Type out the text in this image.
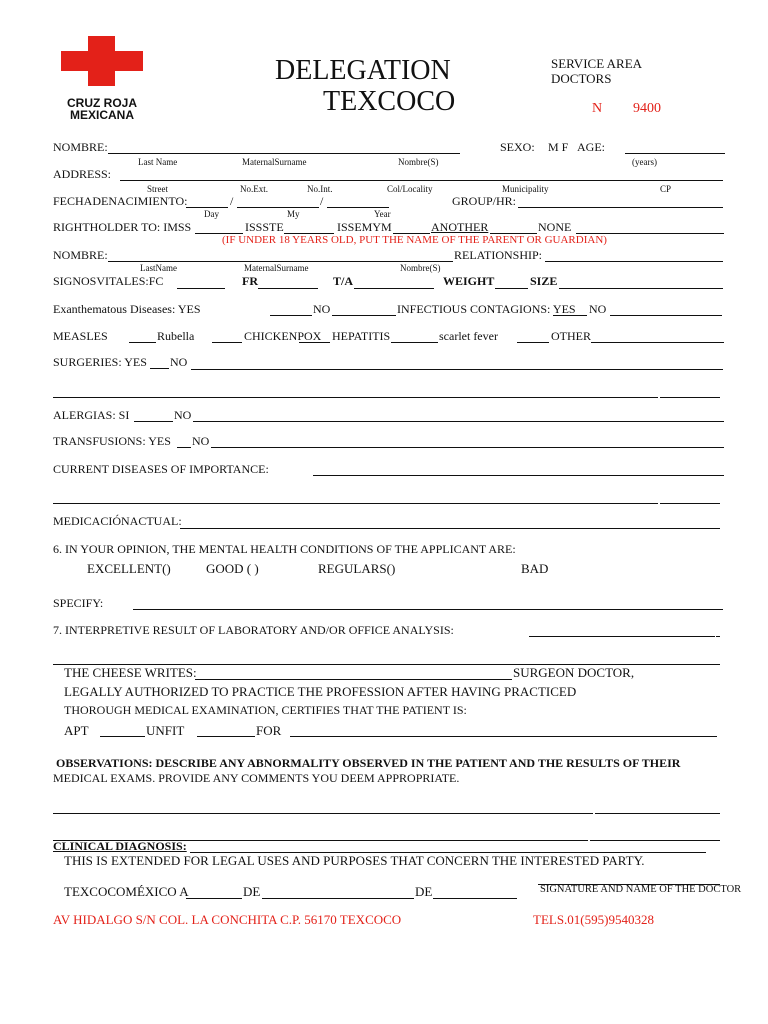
CRUZ ROJA
MEXICANA
DELEGATION
TEXCOCO
SERVICE AREA
DOCTORS
N 9400
NOMBRE:	SEXO: M F AGE:
Last Name	MaternalSurname	Nombre(S)	(years)
ADDRESS:
Street	No.Ext.	No.Int.	Col/Locality	Municipality	CP
FECHADENACIMIENTO:	/	/	GROUP/HR:
Day	My	Year
RIGHTHOLDER TO: IMSS	ISSSTE	ISSEMYM	ANOTHER	NONE
(IF UNDER 18 YEARS OLD, PUT THE NAME OF THE PARENT OR GUARDIAN)
NOMBRE:	RELATIONSHIP:
LastName	MaternalSurname	Nombre(S)
SIGNOSVITALES:FC	FR	T/A	WEIGHT	SIZE
Exanthematous Diseases: YES	NO	INFECTIOUS CONTAGIONS: YES NO
MEASLES	Rubella	CHICKENPOX HEPATITIS	scarlet fever	OTHER
SURGERIES: YES NO
ALERGIAS: SI	NO
TRANSFUSIONS: YES NO
CURRENT DISEASES OF IMPORTANCE:
MEDICACIÓNACTUAL:
6. IN YOUR OPINION, THE MENTAL HEALTH CONDITIONS OF THE APPLICANT ARE:
EXCELLENT()	GOOD ( )	REGULARS()	BAD
SPECIFY:
7. INTERPRETIVE RESULT OF LABORATORY AND/OR OFFICE ANALYSIS:
THE CHEESE WRITES:	SURGEON DOCTOR,
LEGALLY AUTHORIZED TO PRACTICE THE PROFESSION AFTER HAVING PRACTICED
THOROUGH MEDICAL EXAMINATION, CERTIFIES THAT THE PATIENT IS:
APT	UNFIT	FOR
OBSERVATIONS: DESCRIBE ANY ABNORMALITY OBSERVED IN THE PATIENT AND THE RESULTS OF THEIR
MEDICAL EXAMS. PROVIDE ANY COMMENTS YOU DEEM APPROPRIATE.
CLINICAL DIAGNOSIS:
THIS IS EXTENDED FOR LEGAL USES AND PURPOSES THAT CONCERN THE INTERESTED PARTY.
TEXCOCOMÉXICO A	DE	DE	SIGNATURE AND NAME OF THE DOCTOR
AV HIDALGO S/N COL. LA CONCHITA C.P. 56170 TEXCOCO	TELS.01(595)9540328
